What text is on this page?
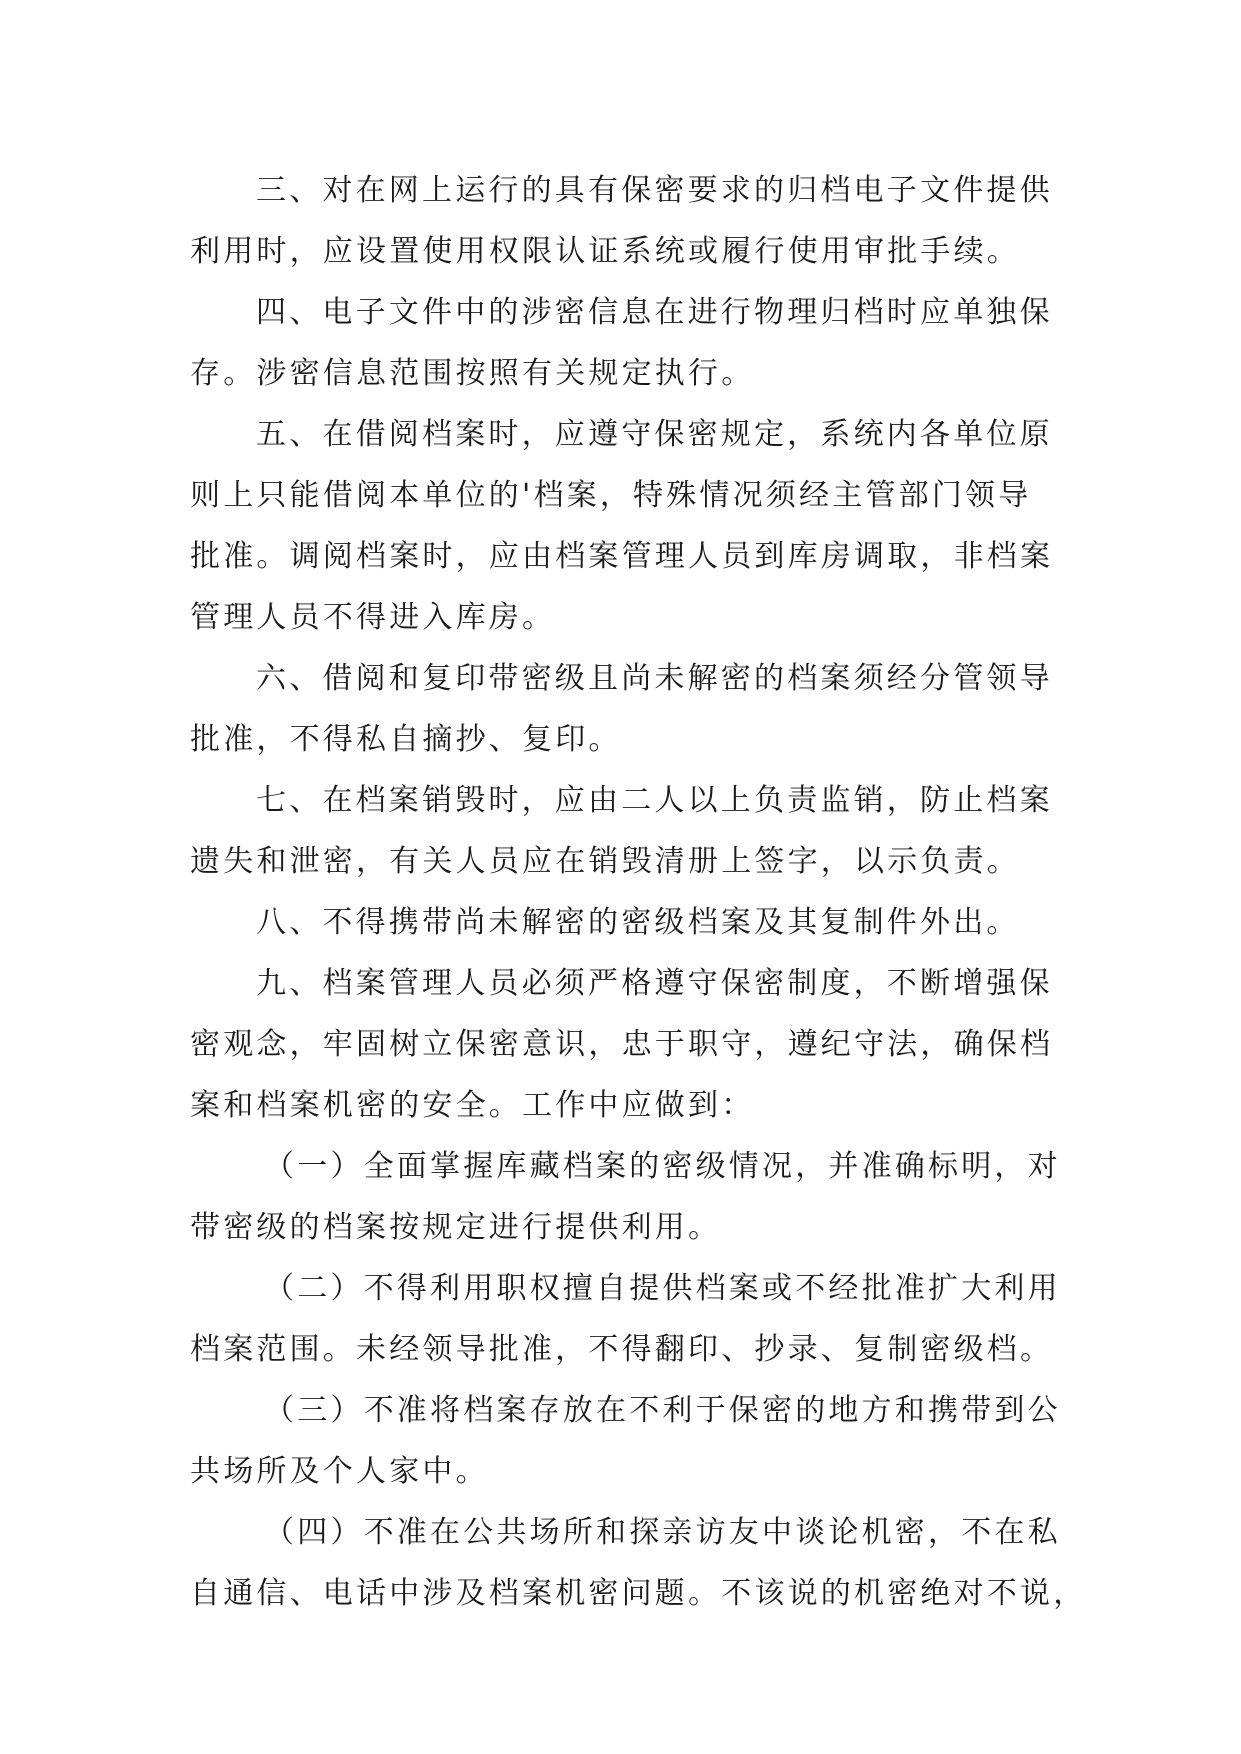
三、对在网上运行的具有保密要求的归档电子文件提供
利用时，应设置使用权限认证系统或履行使用审批手续。
四、电子文件中的涉密信息在进行物理归档时应单独保
存。涉密信息范围按照有关规定执行。
五、在借阅档案时，应遵守保密规定，系统内各单位原
则上只能借阅本单位的'档案，特殊情况须经主管部门领导
批准。调阅档案时，应由档案管理人员到库房调取，非档案
管理人员不得进入库房。
六、借阅和复印带密级且尚未解密的档案须经分管领导
批准，不得私自摘抄、复印。
七、在档案销毁时，应由二人以上负责监销，防止档案
遗失和泄密，有关人员应在销毁清册上签字，以示负责。
八、不得携带尚未解密的密级档案及其复制件外出。
九、档案管理人员必须严格遵守保密制度，不断增强保
密观念，牢固树立保密意识，忠于职守，遵纪守法，确保档
案和档案机密的安全。工作中应做到：
（一）全面掌握库藏档案的密级情况，并准确标明，对
带密级的档案按规定进行提供利用。
（二）不得利用职权擅自提供档案或不经批准扩大利用
档案范围。未经领导批准，不得翻印、抄录、复制密级档。
（三）不准将档案存放在不利于保密的地方和携带到公
共场所及个人家中。
（四）不准在公共场所和探亲访友中谈论机密，不在私
自通信、电话中涉及档案机密问题。不该说的机密绝对不说，
